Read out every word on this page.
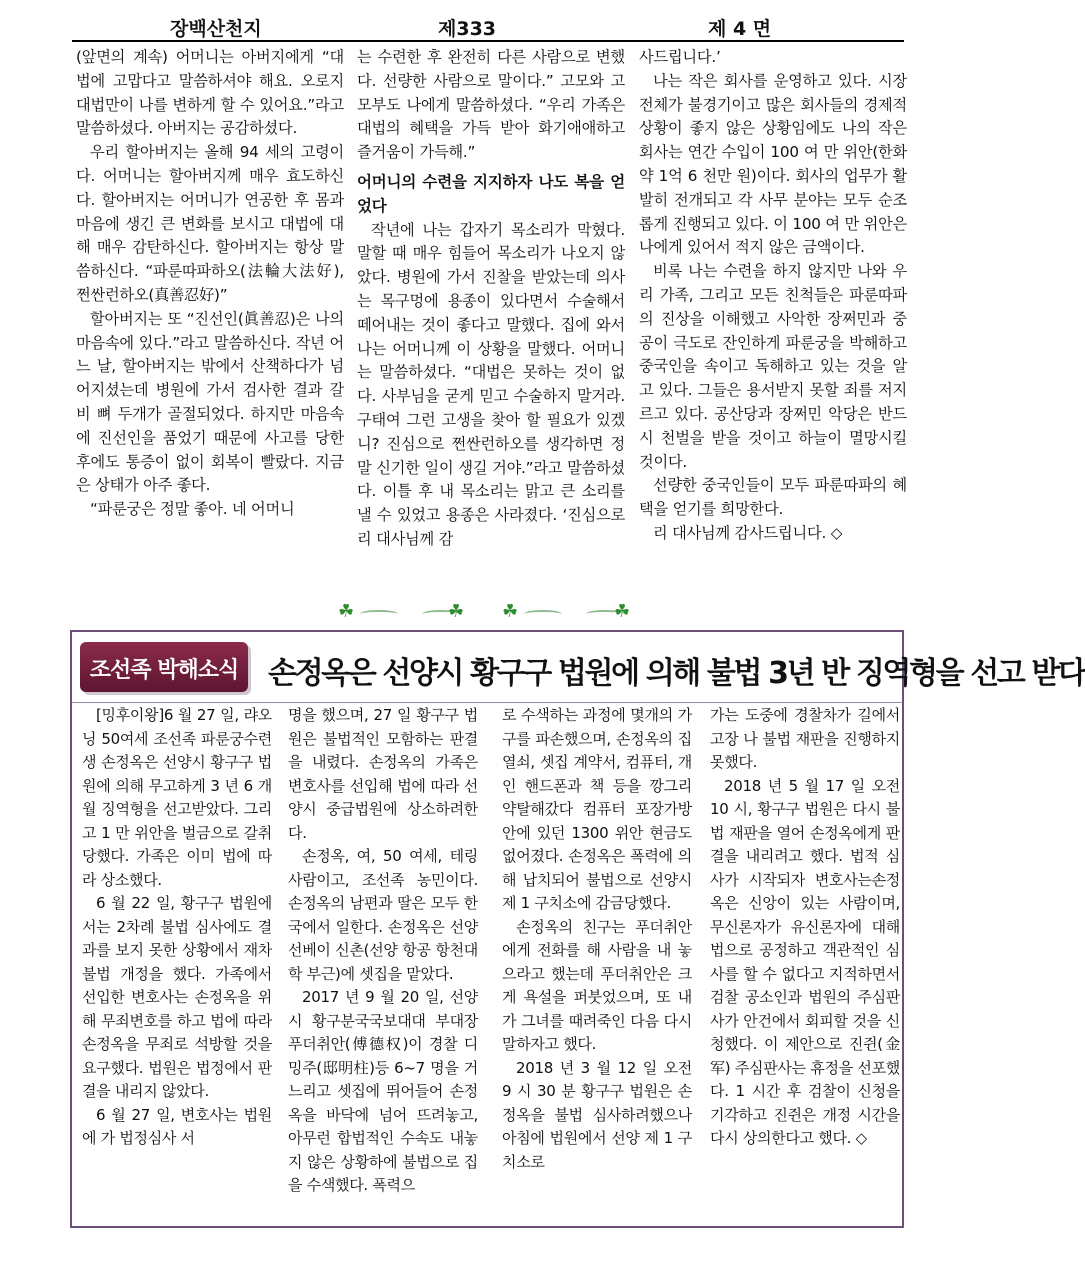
장백산천지	제333	제 4 면

(앞면의 계속) 어머니는 아버지에게 “대법에 고맙다고 말씀하셔야 해요. 오로지 대법만이 나를 변하게 할 수 있어요.”라고 말씀하셨다. 아버지는 공감하셨다.

우리 할아버지는 올해 94 세의 고령이다. 어머니는 할아버지께 매우 효도하신다. 할아버지는 어머니가 연공한 후 몸과 마음에 생긴 큰 변화를 보시고 대법에 대해 매우 감탄하신다. 할아버지는 항상 말씀하신다. “파룬따파하오(法輪大法好), 쩐싼런하오(真善忍好)”

할아버지는 또 “진선인(眞善忍)은 나의 마음속에 있다.”라고 말씀하신다. 작년 어느 날, 할아버지는 밖에서 산책하다가 넘어지셨는데 병원에 가서 검사한 결과 갈비 뼈 두개가 골절되었다. 하지만 마음속에 진선인을 품었기 때문에 사고를 당한 후에도 통증이 없이 회복이 빨랐다. 지금은 상태가 아주 좋다.

“파룬궁은 정말 좋아. 네 어머니

는 수련한 후 완전히 다른 사람으로 변했다. 선량한 사람으로 말이다.” 고모와 고모부도 나에게 말씀하셨다. “우리 가족은 대법의 혜택을 가득 받아 화기애애하고 즐거움이 가득해.”

어머니의 수련을 지지하자 나도 복을 얻었다

작년에 나는 갑자기 목소리가 막혔다. 말할 때 매우 힘들어 목소리가 나오지 않았다. 병원에 가서 진찰을 받았는데 의사는 목구멍에 용종이 있다면서 수술해서 떼어내는 것이 좋다고 말했다. 집에 와서 나는 어머니께 이 상황을 말했다. 어머니는 말씀하셨다. “대법은 못하는 것이 없다. 사부님을 굳게 믿고 수술하지 말거라. 구태여 그런 고생을 찾아 할 필요가 있겠니? 진심으로 쩐싼런하오를 생각하면 정말 신기한 일이 생길 거야.”라고 말씀하셨다. 이틀 후 내 목소리는 맑고 큰 소리를 낼 수 있었고 용종은 사라졌다. ‘진심으로 리 대사님께 감

사드립니다.’

나는 작은 회사를 운영하고 있다. 시장 전체가 불경기이고 많은 회사들의 경제적 상황이 좋지 않은 상황임에도 나의 작은 회사는 연간 수입이 100 여 만 위안(한화 약 1억 6 천만 원)이다. 회사의 업무가 활발히 전개되고 각 사무 분야는 모두 순조롭게 진행되고 있다. 이 100 여 만 위안은 나에게 있어서 적지 않은 금액이다.

비록 나는 수련을 하지 않지만 나와 우리 가족, 그리고 모든 친척들은 파룬따파의 진상을 이해했고 사악한 장쩌민과 중공이 극도로 잔인하게 파룬궁을 박해하고 중국인을 속이고 독해하고 있는 것을 알고 있다. 그들은 용서받지 못할 죄를 저지르고 있다. 공산당과 장쩌민 악당은 반드시 천벌을 받을 것이고 하늘이 멸망시킬 것이다.

선량한 중국인들이 모두 파룬따파의 혜택을 얻기를 희망한다.

리 대사님께 감사드립니다. ◇

☘	☘ ☘	☘
조선족 박해소식 손정옥은 선양시 황구구 법원에 의해 불법 3년 반 징역형을 선고 받다

[밍후이왕]6 월 27 일, 랴오닝 50여세 조선족 파룬궁수련생 손정옥은 선양시 황구구 법원에 의해 무고하게 3 년 6 개월 징역형을 선고받았다. 그리고 1 만 위안을 벌금으로 갈취당했다. 가족은 이미 법에 따라 상소했다.

6 월 22 일, 황구구 법원에서는 2차례 불법 심사에도 결과를 보지 못한 상황에서 재차 불법 개정을 했다. 가족에서 선입한 변호사는 손정옥을 위해 무죄변호를 하고 법에 따라 손정옥을 무죄로 석방할 것을 요구했다. 법원은 법정에서 판결을 내리지 않았다.

6 월 27 일, 변호사는 법원에 가 법정심사 서

명을 했으며, 27 일 황구구 법원은 불법적인 모함하는 판결을 내렸다. 손정옥의 가족은 변호사를 선입해 법에 따라 선양시 중급법원에 상소하려한다.

손정옥, 여, 50 여세, 테링 사람이고, 조선족 농민이다. 손정옥의 남편과 딸은 모두 한국에서 일한다. 손정옥은 선양 선베이 신촌(선양 항공 항천대학 부근)에 셋집을 맡았다.

2017 년 9 월 20 일, 선양시 황구분국국보대대 부대장 푸더취안(傅德权)이 경찰 디밍주(邸明柱)등 6~7 명을 거느리고 셋집에 뛰어들어 손정옥을 바닥에 넘어 뜨려놓고, 아무런 합법적인 수속도 내놓지 않은 상황하에 불법으로 집을 수색했다. 폭력으

로 수색하는 과정에 몇개의 가구를 파손했으며, 손정옥의 집 열쇠, 셋집 계약서, 컴퓨터, 개인 핸드폰과 책 등을 깡그리 약탈해갔다 컴퓨터 포장가방 안에 있던 1300 위안 현금도 없어졌다. 손정옥은 폭력에 의해 납치되어 불법으로 선양시 제 1 구치소에 감금당했다.

손정옥의 친구는 푸더취안에게 전화를 해 사람을 내 놓으라고 했는데 푸더취안은 크게 욕설을 퍼붓었으며, 또 내가 그녀를 때려죽인 다음 다시 말하자고 했다.

2018 년 3 월 12 일 오전 9 시 30 분 황구구 법원은 손정옥을 불법 심사하려했으나 아침에 법원에서 선양 제 1 구치소로

가는 도중에 경찰차가 길에서 고장 나 불법 재판을 진행하지 못했다.

2018 년 5 월 17 일 오전 10 시, 황구구 법원은 다시 불법 재판을 열어 손정옥에게 판결을 내리려고 했다. 법적 심사가 시작되자 변호사는손정옥은 신앙이 있는 사람이며, 무신론자가 유신론자에 대해 법으로 공정하고 객관적인 심사를 할 수 없다고 지적하면서 검찰 공소인과 법원의 주심판사가 안건에서 회피할 것을 신청했다. 이 제안으로 진쥔(金军) 주심판사는 휴정을 선포했다. 1 시간 후 검찰이 신청을 기각하고 진쥔은 개정 시간을 다시 상의한다고 했다. ◇
